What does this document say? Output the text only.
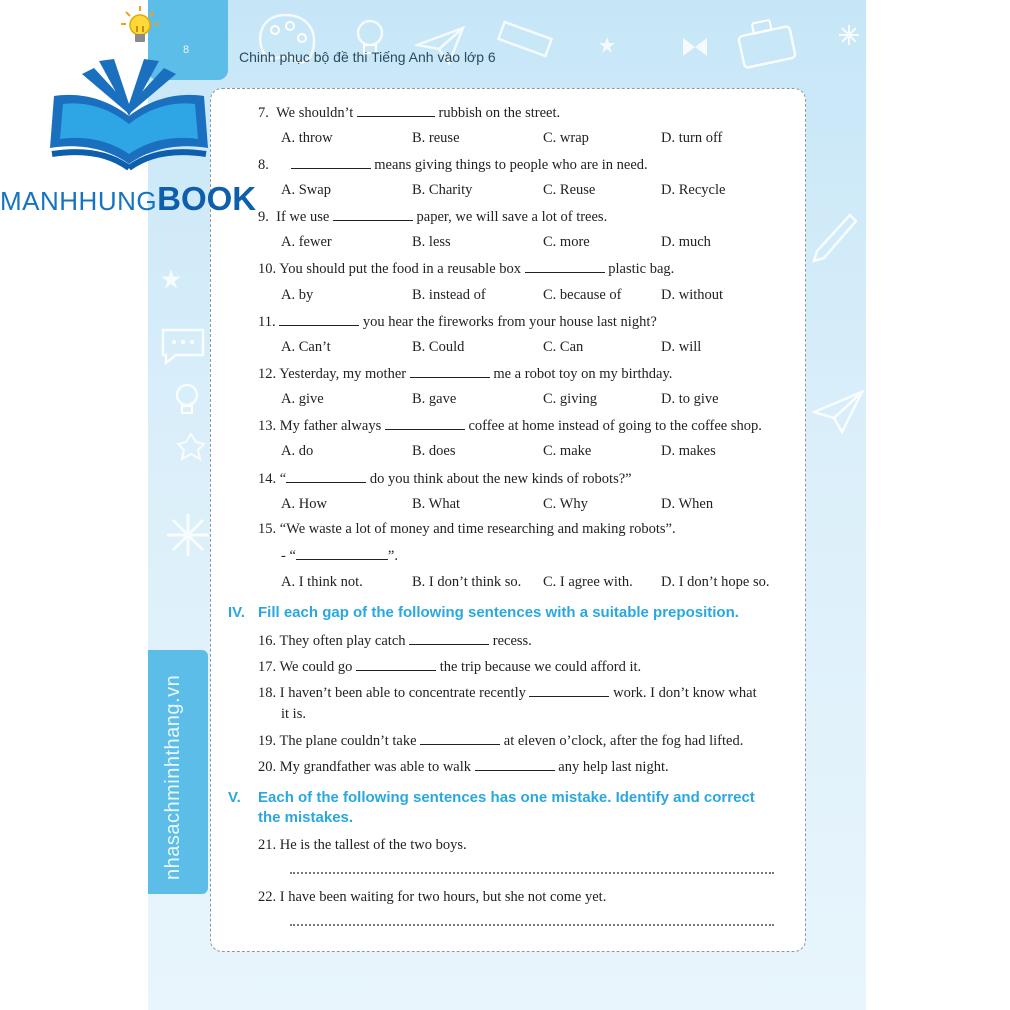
8	Chinh phục bộ đề thi Tiếng Anh vào lớp 6
nhasachminhthang.vn
7. We shouldn’t	rubbish on the street.
A. throw	B. reuse	C. wrap	D. turn off
8.	means giving things to people who are in need.
A. Swap	B. Charity	C. Reuse	D. Recycle
9. If we use	paper, we will save a lot of trees.
A. fewer	B. less	C. more	D. much
10. You should put the food in a reusable box	plastic bag.
A. by	B. instead of	C. because of	D. without
11.	you hear the fireworks from your house last night?
A. Can’t	B. Could	C. Can	D. will
12. Yesterday, my mother	me a robot toy on my birthday.
A. give	B. gave	C. giving	D. to give
13. My father always	coffee at home instead of going to the coffee shop.
A. do	B. does	C. make	D. makes
14. “	do you think about the new kinds of robots?”
A. How	B. What	C. Why	D. When
15. “We waste a lot of money and time researching and making robots”.
- “	”.
A. I think not.	B. I don’t think so. C. I agree with. D. I don’t hope so.
IV. Fill each gap of the following sentences with a suitable preposition.
16. They often play catch	recess.
17. We could go	the trip because we could afford it.
18. I haven’t been able to concentrate recently	work. I don’t know what
it is.
19. The plane couldn’t take	at eleven o’clock, after the fog had lifted.
20. My grandfather was able to walk	any help last night.
V. Each of the following sentences has one mistake. Identify and correct
the mistakes.
21. He is the tallest of the two boys.
22. I have been waiting for two hours, but she not come yet.
MANHHUNGBOOK
